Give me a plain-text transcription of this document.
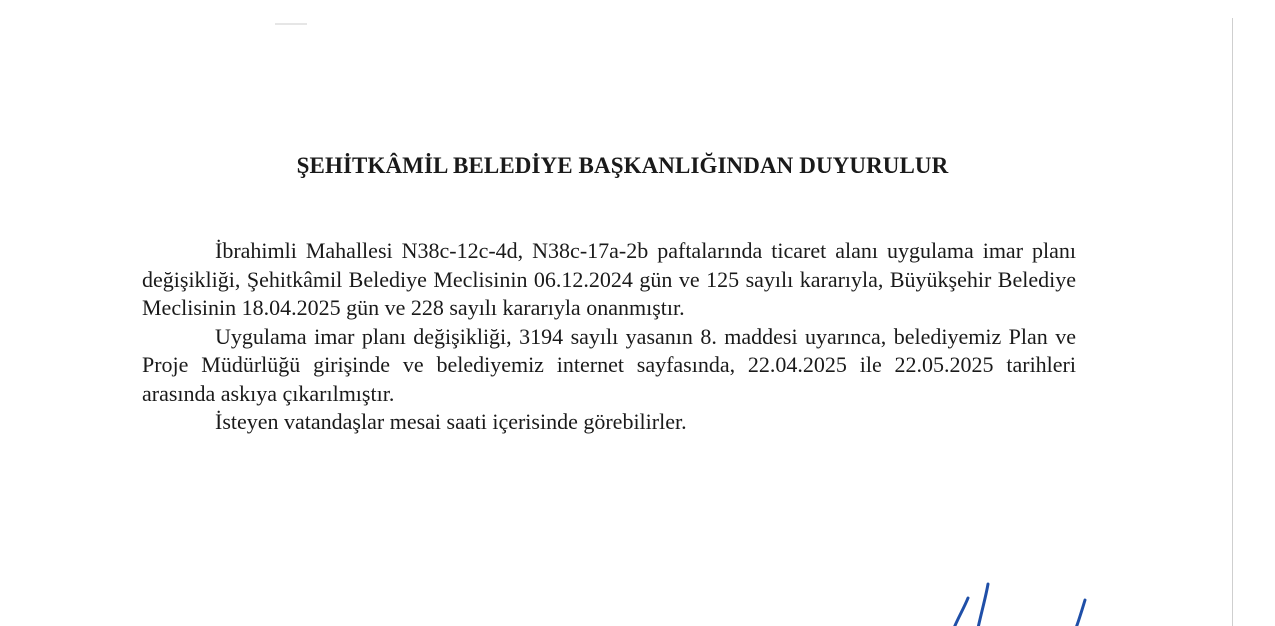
ŞEHİTKÂMİL BELEDİYE BAŞKANLIĞINDAN DUYURULUR

İbrahimli Mahallesi N38c-12c-4d, N38c-17a-2b paftalarında ticaret alanı uygulama imar planı değişikliği, Şehitkâmil Belediye Meclisinin 06.12.2024 gün ve 125 sayılı kararıyla, Büyükşehir Belediye Meclisinin 18.04.2025 gün ve 228 sayılı kararıyla onanmıştır.

Uygulama imar planı değişikliği, 3194 sayılı yasanın 8. maddesi uyarınca, belediyemiz Plan ve Proje Müdürlüğü girişinde ve belediyemiz internet sayfasında, 22.04.2025 ile 22.05.2025 tarihleri arasında askıya çıkarılmıştır.

İsteyen vatandaşlar mesai saati içerisinde görebilirler.
